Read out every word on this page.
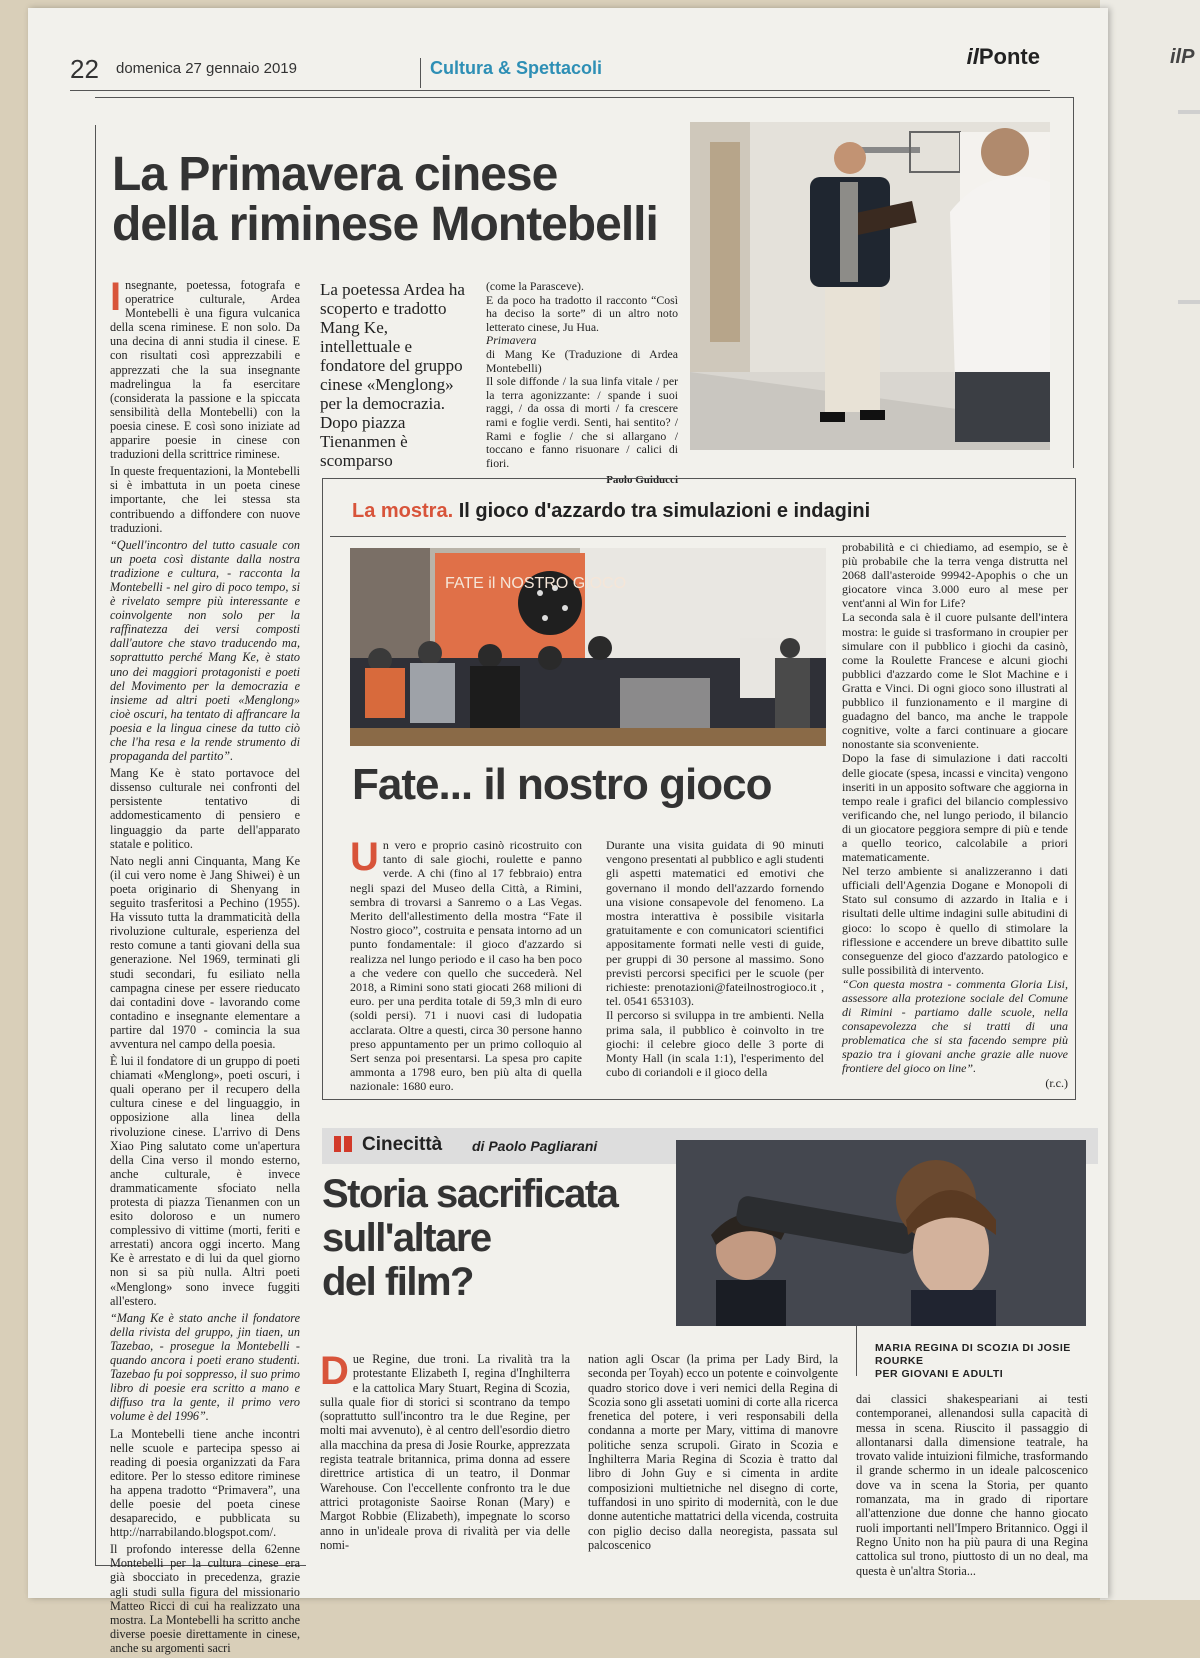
ilP
22 domenica 27 gennaio 2019	Cultura & Spettacoli	ilPonte
La Primavera cinese
della riminese Montebelli

Insegnante, poetessa, fotografa e operatrice culturale, Ardea Montebelli è una figura vulcanica della scena riminese. E non solo. Da una decina di anni studia il cinese. E con risultati così apprezzabili e apprezzati che la sua insegnante madrelingua la fa esercitare (considerata la passione e la spiccata sensibilità della Montebelli) con la poesia cinese. E così sono iniziate ad apparire poesie in cinese con traduzioni della scrittrice riminese.

In queste frequentazioni, la Montebelli si è imbattuta in un poeta cinese importante, che lei stessa sta contribuendo a diffondere con nuove traduzioni.

“Quell'incontro del tutto casuale con un poeta così distante dalla nostra tradizione e cultura, - racconta la Montebelli - nel giro di poco tempo, si è rivelato sempre più interessante e coinvolgente non solo per la raffinatezza dei versi composti dall'autore che stavo traducendo ma, soprattutto perché Mang Ke, è stato uno dei maggiori protagonisti e poeti del Movimento per la democrazia e insieme ad altri poeti «Menglong» cioè oscuri, ha tentato di affrancare la poesia e la lingua cinese da tutto ciò che l'ha resa e la rende strumento di propaganda del partito”.

Mang Ke è stato portavoce del dissenso culturale nei confronti del persistente tentativo di addomesticamento di pensiero e linguaggio da parte dell'apparato statale e politico.

Nato negli anni Cinquanta, Mang Ke (il cui vero nome è Jang Shiwei) è un poeta originario di Shenyang in seguito trasferitosi a Pechino (1955). Ha vissuto tutta la drammaticità della rivoluzione culturale, esperienza del resto comune a tanti giovani della sua generazione. Nel 1969, terminati gli studi secondari, fu esiliato nella campagna cinese per essere rieducato dai contadini dove - lavorando come contadino e insegnante elementare a partire dal 1970 - comincia la sua avventura nel campo della poesia.

È lui il fondatore di un gruppo di poeti chiamati «Menglong», poeti oscuri, i quali operano per il recupero della cultura cinese e del linguaggio, in opposizione alla linea della rivoluzione cinese. L'arrivo di Dens Xiao Ping salutato come un'apertura della Cina verso il mondo esterno, anche culturale, è invece drammaticamente sfociato nella protesta di piazza Tienanmen con un esito doloroso e un numero complessivo di vittime (morti, feriti e arrestati) ancora oggi incerto. Mang Ke è arrestato e di lui da quel giorno non si sa più nulla. Altri poeti «Menglong» sono invece fuggiti all'estero.

“Mang Ke è stato anche il fondatore della rivista del gruppo, jin tiaen, un Tazebao, - prosegue la Montebelli - quando ancora i poeti erano studenti. Tazebao fu poi soppresso, il suo primo libro di poesie era scritto a mano e diffuso tra la gente, il primo vero volume è del 1996”.

La Montebelli tiene anche incontri nelle scuole e partecipa spesso ai reading di poesia organizzati da Fara editore. Per lo stesso editore riminese ha appena tradotto “Primavera”, una delle poesie del poeta cinese desaparecido, e pubblicata su http://narrabilando.blogspot.com/.

Il profondo interesse della 62enne Montebelli per la cultura cinese era già sbocciato in precedenza, grazie agli studi sulla figura del missionario Matteo Ricci di cui ha realizzato una mostra. La Montebelli ha scritto anche diverse poesie direttamente in cinese, anche su argomenti sacri

La poetessa Ardea ha scoperto e tradotto Mang Ke, intellettuale e fondatore del gruppo cinese «Menglong» per la democrazia. Dopo piazza Tienanmen è scomparso
(come la Parasceve).
E da poco ha tradotto il racconto “Così ha deciso la sorte” di un altro noto letterato cinese, Ju Hua.
Primavera
di Mang Ke (Traduzione di Ardea Montebelli)
Il sole diffonde / la sua linfa vitale / per la terra agonizzante: / spande i suoi raggi, / da ossa di morti / fa crescere rami e foglie verdi. Senti, hai sentito? / Rami e foglie / che si allargano / toccano e fanno risuonare / calici di fiori.
Paolo Guiducci
La mostra. Il gioco d'azzardo tra simulazioni e indagini
FATE il NOSTRO GIOCO
Fate... il nostro gioco
Un vero e proprio casinò ricostruito con tanto di sale giochi, roulette e panno verde. A chi (fino al 17 febbraio) entra negli spazi del Museo della Città, a Rimini, sembra di trovarsi a Sanremo o a Las Vegas. Merito dell'allestimento della mostra “Fate il Nostro gioco”, costruita e pensata intorno ad un punto fondamentale: il gioco d'azzardo si realizza nel lungo periodo e il caso ha ben poco a che vedere con quello che succederà. Nel 2018, a Rimini sono stati giocati 268 milioni di euro. per una perdita totale di 59,3 mln di euro (soldi persi). 71 i nuovi casi di ludopatia acclarata. Oltre a questi, circa 30 persone hanno preso appuntamento per un primo colloquio al Sert senza poi presentarsi. La spesa pro capite ammonta a 1798 euro, ben più alta di quella nazionale: 1680 euro.
Durante una visita guidata di 90 minuti vengono presentati al pubblico e agli studenti gli aspetti matematici ed emotivi che governano il mondo dell'azzardo fornendo una visione consapevole del fenomeno. La mostra interattiva è possibile visitarla gratuitamente e con comunicatori scientifici appositamente formati nelle vesti di guide, per gruppi di 30 persone al massimo. Sono previsti percorsi specifici per le scuole (per richieste: prenotazioni@fateilnostrogioco.it , tel. 0541 653103).
Il percorso si sviluppa in tre ambienti. Nella prima sala, il pubblico è coinvolto in tre giochi: il celebre gioco delle 3 porte di Monty Hall (in scala 1:1), l'esperimento del cubo di coriandoli e il gioco della
probabilità e ci chiediamo, ad esempio, se è più probabile che la terra venga distrutta nel 2068 dall'asteroide 99942-Apophis o che un giocatore vinca 3.000 euro al mese per vent'anni al Win for Life?
La seconda sala è il cuore pulsante dell'intera mostra: le guide si trasformano in croupier per simulare con il pubblico i giochi da casinò, come la Roulette Francese e alcuni giochi pubblici d'azzardo come le Slot Machine e i Gratta e Vinci. Di ogni gioco sono illustrati al pubblico il funzionamento e il margine di guadagno del banco, ma anche le trappole cognitive, volte a farci continuare a giocare nonostante sia sconveniente.
Dopo la fase di simulazione i dati raccolti delle giocate (spesa, incassi e vincita) vengono inseriti in un apposito software che aggiorna in tempo reale i grafici del bilancio complessivo verificando che, nel lungo periodo, il bilancio di un giocatore peggiora sempre di più e tende a quello teorico, calcolabile a priori matematicamente.
Nel terzo ambiente si analizzeranno i dati ufficiali dell'Agenzia Dogane e Monopoli di Stato sul consumo di azzardo in Italia e i risultati delle ultime indagini sulle abitudini di gioco: lo scopo è quello di stimolare la riflessione e accendere un breve dibattito sulle conseguenze del gioco d'azzardo patologico e sulle possibilità di intervento.
“Con questa mostra - commenta Gloria Lisi, assessore alla protezione sociale del Comune di Rimini - partiamo dalle scuole, nella consapevolezza che si tratti di una problematica che si sta facendo sempre più spazio tra i giovani anche grazie alle nuove frontiere del gioco on line”.
(r.c.)
Cinecittà di Paolo Pagliarani
Storia sacrificata
sull'altare
del film?
MARIA REGINA DI SCOZIA DI JOSIE
ROURKE
PER GIOVANI E ADULTI
Due Regine, due troni. La rivalità tra la protestante Elizabeth I, regina d'Inghilterra e la cattolica Mary Stuart, Regina di Scozia, sulla quale fior di storici si scontrano da tempo (soprattutto sull'incontro tra le due Regine, per molti mai avvenuto), è al centro dell'esordio dietro alla macchina da presa di Josie Rourke, apprezzata regista teatrale britannica, prima donna ad essere direttrice artistica di un teatro, il Donmar Warehouse. Con l'eccellente confronto tra le due attrici protagoniste Saoirse Ronan (Mary) e Margot Robbie (Elizabeth), impegnate lo scorso anno in un'ideale prova di rivalità per via delle nomi-
nation agli Oscar (la prima per Lady Bird, la seconda per Toyah) ecco un potente e coinvolgente quadro storico dove i veri nemici della Regina di Scozia sono gli assetati uomini di corte alla ricerca frenetica del potere, i veri responsabili della condanna a morte per Mary, vittima di manovre politiche senza scrupoli. Girato in Scozia e Inghilterra Maria Regina di Scozia è tratto dal libro di John Guy e si cimenta in ardite composizioni multietniche nel disegno di corte, tuffandosi in uno spirito di modernità, con le due donne autentiche mattatrici della vicenda, costruita con piglio deciso dalla neoregista, passata sul palcoscenico
dai classici shakespeariani ai testi contemporanei, allenandosi sulla capacità di messa in scena. Riuscito il passaggio di allontanarsi dalla dimensione teatrale, ha trovato valide intuizioni filmiche, trasformando il grande schermo in un ideale palcoscenico dove va in scena la Storia, per quanto romanzata, ma in grado di riportare all'attenzione due donne che hanno giocato ruoli importanti nell'Impero Britannico. Oggi il Regno Unito non ha più paura di una Regina cattolica sul trono, piuttosto di un no deal, ma questa è un'altra Storia...
